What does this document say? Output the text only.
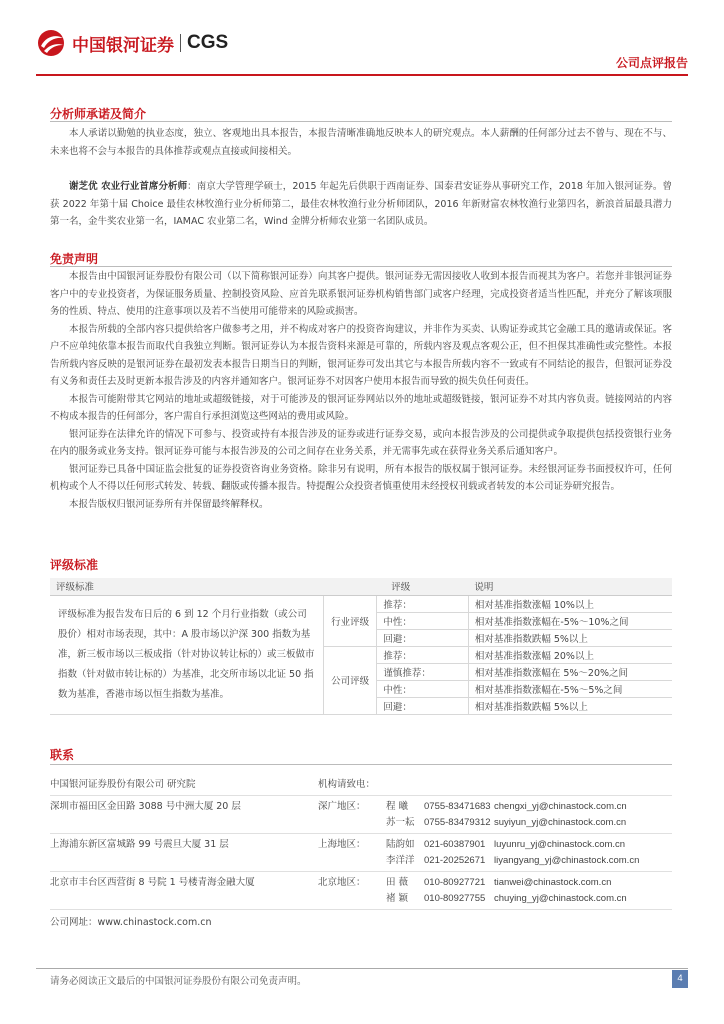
中国银河证券 CGS
公司点评报告
分析师承诺及简介
本人承诺以勤勉的执业态度，独立、客观地出具本报告，本报告清晰准确地反映本人的研究观点。本人薪酬的任何部分过去不曾与、现在不与、未来也将不会与本报告的具体推荐或观点直接或间接相关。
谢芝优 农业行业首席分析师：南京大学管理学硕士，2015 年起先后供职于西南证券、国泰君安证券从事研究工作，2018 年加入银河证券。曾获 2022 年第十届 Choice 最佳农林牧渔行业分析师第二，最佳农林牧渔行业分析师团队，2016 年新财富农林牧渔行业第四名，新浪首届最具潜力第一名，金牛奖农业第一名，IAMAC 农业第二名，Wind 金牌分析师农业第一名团队成员。
免责声明

本报告由中国银河证券股份有限公司（以下简称银河证券）向其客户提供。银河证券无需因接收人收到本报告而视其为客户。若您并非银河证券客户中的专业投资者，为保证服务质量、控制投资风险、应首先联系银河证券机构销售部门或客户经理，完成投资者适当性匹配，并充分了解该项服务的性质、特点、使用的注意事项以及若不当使用可能带来的风险或损害。

本报告所载的全部内容只提供给客户做参考之用，并不构成对客户的投资咨询建议，并非作为买卖、认购证券或其它金融工具的邀请或保证。客户不应单纯依靠本报告而取代自我独立判断。银河证券认为本报告资料来源是可靠的，所载内容及观点客观公正，但不担保其准确性或完整性。本报告所载内容反映的是银河证券在最初发表本报告日期当日的判断，银河证券可发出其它与本报告所载内容不一致或有不同结论的报告，但银河证券没有义务和责任去及时更新本报告涉及的内容并通知客户。银河证券不对因客户使用本报告而导致的损失负任何责任。

本报告可能附带其它网站的地址或超级链接，对于可能涉及的银河证券网站以外的地址或超级链接，银河证券不对其内容负责。链接网站的内容不构成本报告的任何部分，客户需自行承担浏览这些网站的费用或风险。

银河证券在法律允许的情况下可参与、投资或持有本报告涉及的证券或进行证券交易，或向本报告涉及的公司提供或争取提供包括投资银行业务在内的服务或业务支持。银河证券可能与本报告涉及的公司之间存在业务关系，并无需事先或在获得业务关系后通知客户。

银河证券已具备中国证监会批复的证券投资咨询业务资格。除非另有说明，所有本报告的版权属于银河证券。未经银河证券书面授权许可，任何机构或个人不得以任何形式转发、转载、翻版或传播本报告。特提醒公众投资者慎重使用未经授权刊载或者转发的本公司证券研究报告。

本报告版权归银河证券所有并保留最终解释权。

评级标准
评级标准	评级		说明
评级标准为报告发布日后的 6 到 12 个月行业指数（或公司股价）相对市场表现，其中：A 股市场以沪深 300 指数为基准，新三板市场以三板成指（针对协议转让标的）或三板做市指数（针对做市转让标的）为基准，北交所市场以北证 50 指数为基准，香港市场以恒生指数为基准。	行业评级	推荐：	相对基准指数涨幅 10%以上
		中性：	相对基准指数涨幅在-5%～10%之间
		回避：	相对基准指数跌幅 5%以上
	公司评级	推荐：	相对基准指数涨幅 20%以上
		谨慎推荐：	相对基准指数涨幅在 5%～20%之间
		中性：	相对基准指数涨幅在-5%～5%之间
		回避：	相对基准指数跌幅 5%以上
联系
中国银河证券股份有限公司 研究院	机构请致电：
深圳市福田区金田路 3088 号中洲大厦 20 层	深广地区： 程 曦 0755-83471683 chengxi_yj@chinastock.com.cn
苏一耘 0755-83479312 suyiyun_yj@chinastock.com.cn
上海浦东新区富城路 99 号震旦大厦 31 层	上海地区： 陆韵如 021-60387901 luyunru_yj@chinastock.com.cn
李洋洋 021-20252671 liyangyang_yj@chinastock.com.cn
北京市丰台区西营街 8 号院 1 号楼青海金融大厦	北京地区： 田 薇 010-80927721 tianwei@chinastock.com.cn
褚 颖 010-80927755 chuying_yj@chinastock.com.cn
公司网址：www.chinastock.com.cn
请务必阅读正文最后的中国银河证券股份有限公司免责声明。	4
